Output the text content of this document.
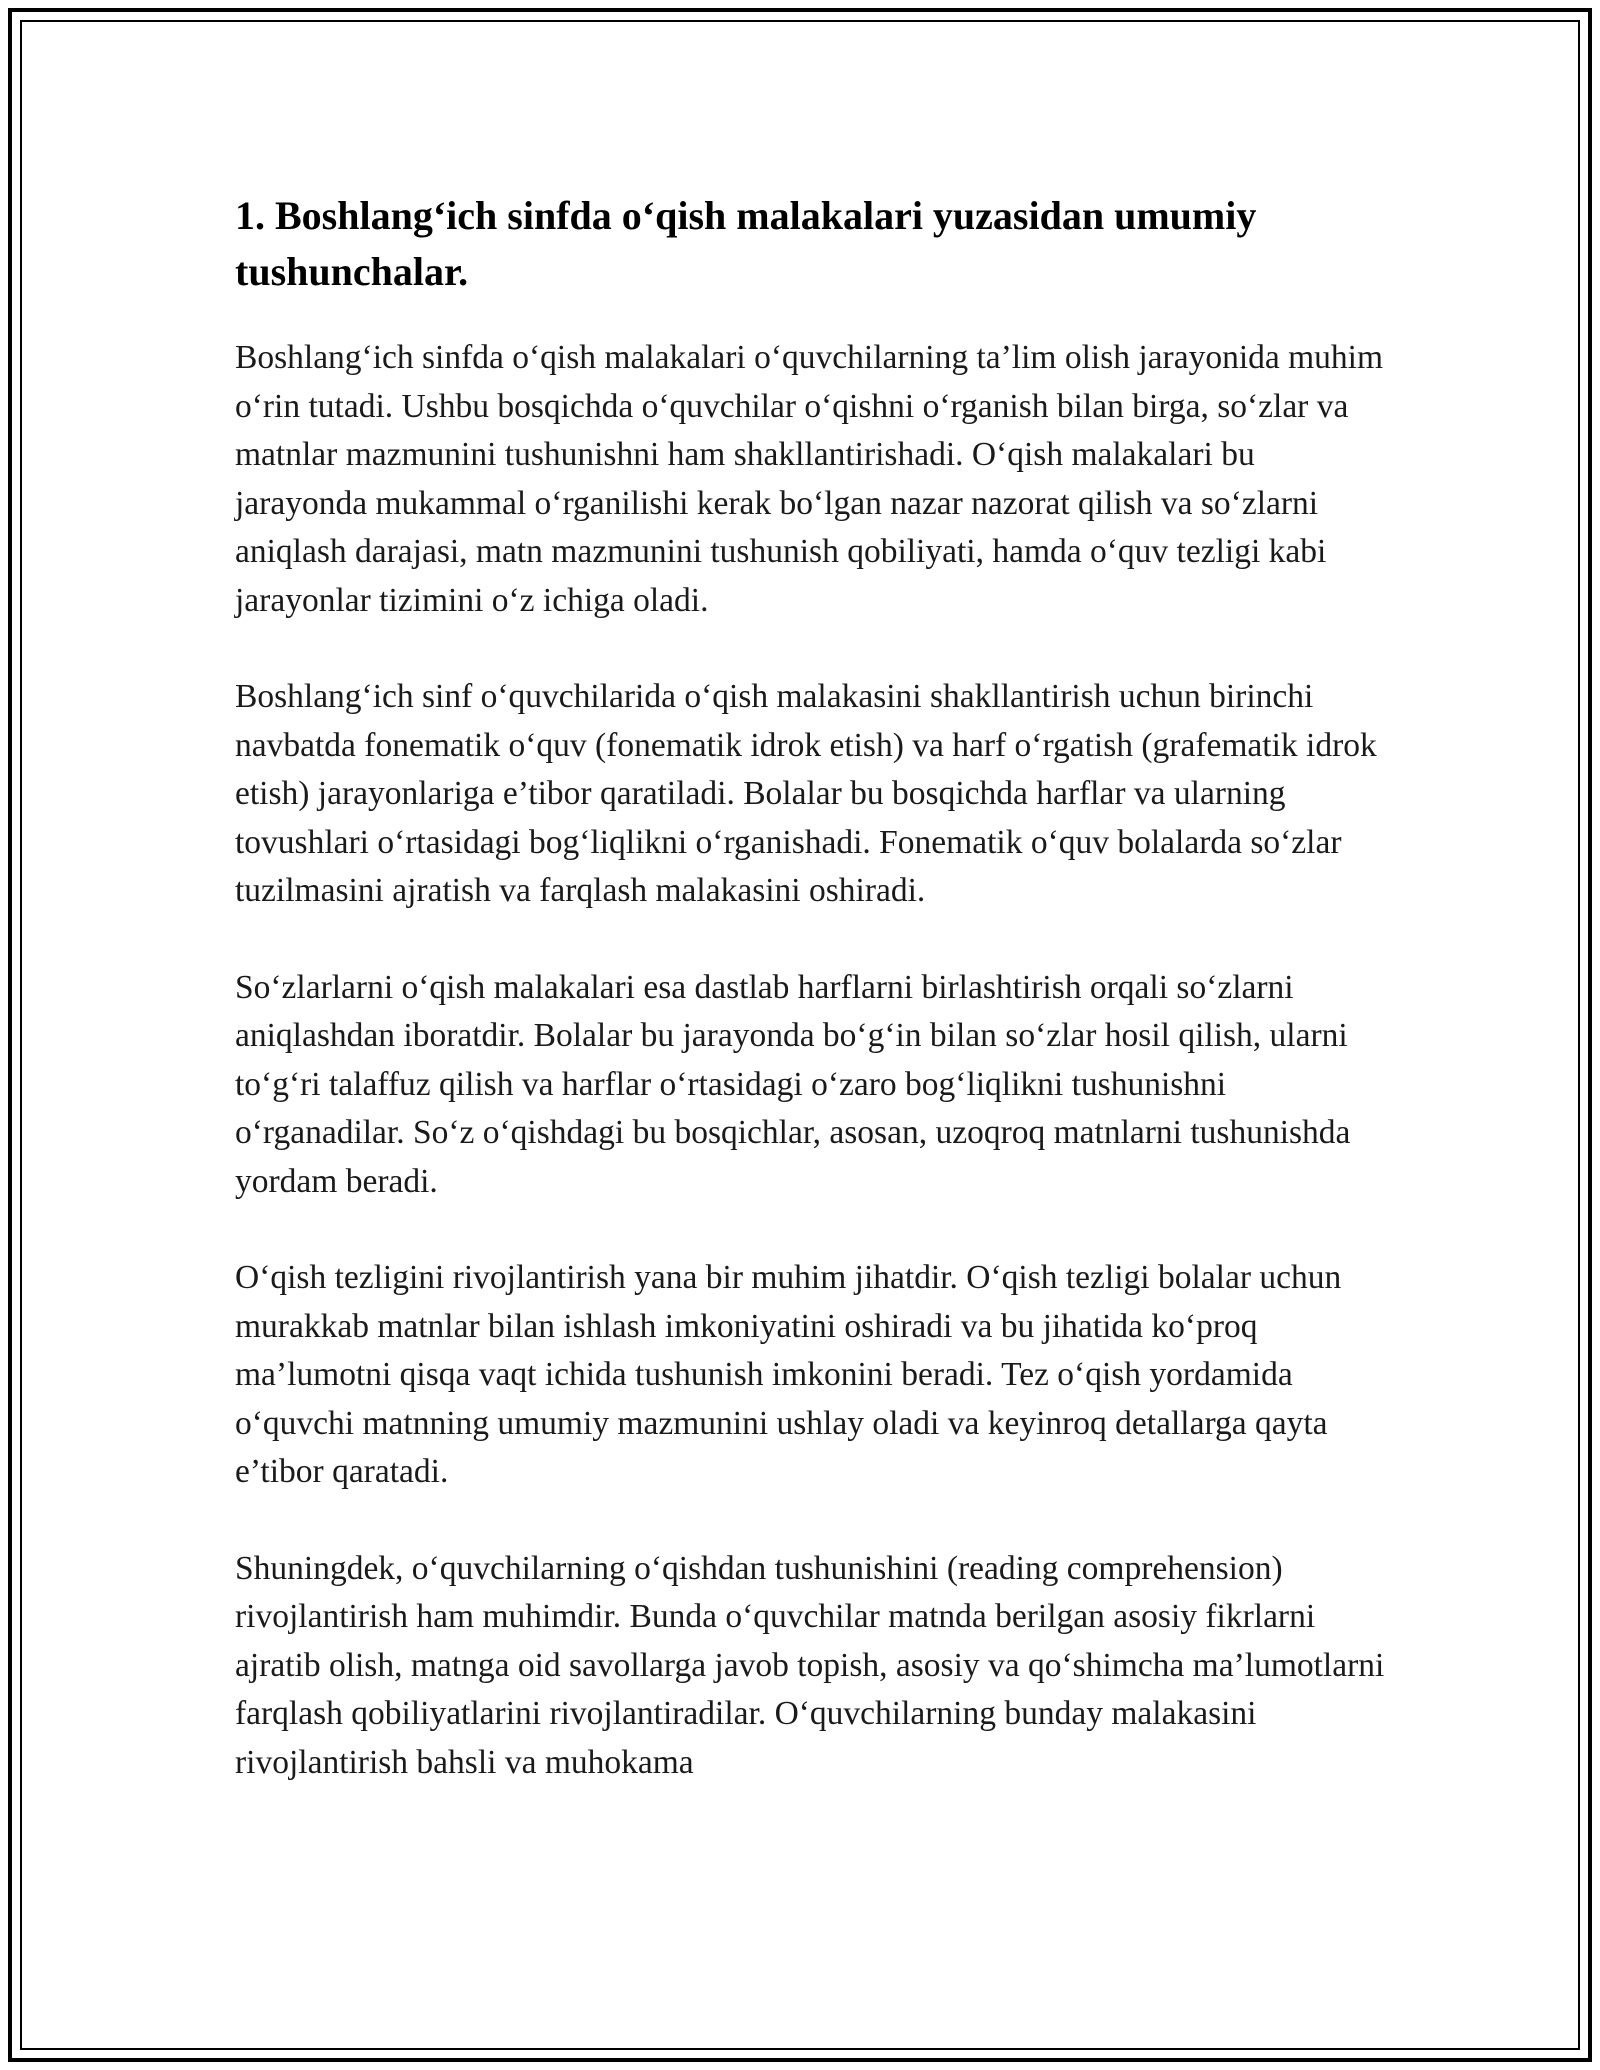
1. Boshlang‘ich sinfda o‘qish malakalari yuzasidan umumiy tushunchalar.

Boshlang‘ich sinfda o‘qish malakalari o‘quvchilarning ta’lim olish jarayonida muhim o‘rin tutadi. Ushbu bosqichda o‘quvchilar o‘qishni o‘rganish bilan birga, so‘zlar va matnlar mazmunini tushunishni ham shakllantirishadi. O‘qish malakalari bu jarayonda mukammal o‘rganilishi kerak bo‘lgan nazar nazorat qilish va so‘zlarni aniqlash darajasi, matn mazmunini tushunish qobiliyati, hamda o‘quv tezligi kabi jarayonlar tizimini o‘z ichiga oladi.

Boshlang‘ich sinf o‘quvchilarida o‘qish malakasini shakllantirish uchun birinchi navbatda fonematik o‘quv (fonematik idrok etish) va harf o‘rgatish (grafematik idrok etish) jarayonlariga e’tibor qaratiladi. Bolalar bu bosqichda harflar va ularning tovushlari o‘rtasidagi bog‘liqlikni o‘rganishadi. Fonematik o‘quv bolalarda so‘zlar tuzilmasini ajratish va farqlash malakasini oshiradi.

So‘zlarlarni o‘qish malakalari esa dastlab harflarni birlashtirish orqali so‘zlarni aniqlashdan iboratdir. Bolalar bu jarayonda bo‘g‘in bilan so‘zlar hosil qilish, ularni to‘g‘ri talaffuz qilish va harflar o‘rtasidagi o‘zaro bog‘liqlikni tushunishni o‘rganadilar. So‘z o‘qishdagi bu bosqichlar, asosan, uzoqroq matnlarni tushunishda yordam beradi.

O‘qish tezligini rivojlantirish yana bir muhim jihatdir. O‘qish tezligi bolalar uchun murakkab matnlar bilan ishlash imkoniyatini oshiradi va bu jihatida ko‘proq ma’lumotni qisqa vaqt ichida tushunish imkonini beradi. Tez o‘qish yordamida o‘quvchi matnning umumiy mazmunini ushlay oladi va keyinroq detallarga qayta e’tibor qaratadi.

Shuningdek, o‘quvchilarning o‘qishdan tushunishini (reading comprehension) rivojlantirish ham muhimdir. Bunda o‘quvchilar matnda berilgan asosiy fikrlarni ajratib olish, matnga oid savollarga javob topish, asosiy va qo‘shimcha ma’lumotlarni farqlash qobiliyatlarini rivojlantiradilar. O‘quvchilarning bunday malakasini rivojlantirish bahsli va muhokama
